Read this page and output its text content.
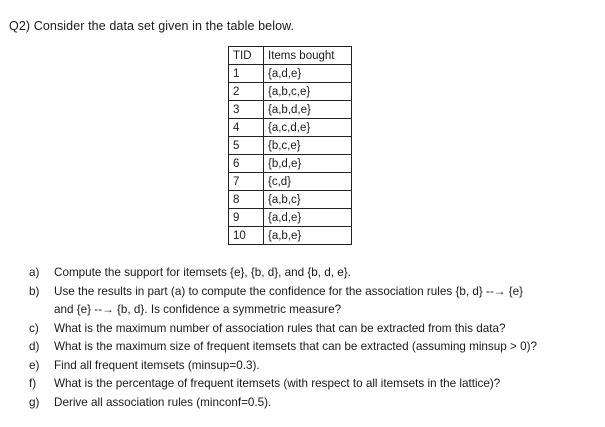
Q2) Consider the data set given in the table below.
TID	Items bought
1	{a,d,e}
2	{a,b,c,e}
3	{a,b,d,e}
4	{a,c,d,e}
5	{b,c,e}
6	{b,d,e}
7	{c,d}
8	{a,b,c}
9	{a,d,e}
10	{a,b,e}
a) Compute the support for itemsets {e}, {b, d}, and {b, d, e}.
b) Use the results in part (a) to compute the confidence for the association rules {b, d} --→ {e}
and {e} --→ {b, d}. Is confidence a symmetric measure?
c) What is the maximum number of association rules that can be extracted from this data?
d) What is the maximum size of frequent itemsets that can be extracted (assuming minsup > 0)?
e) Find all frequent itemsets (minsup=0.3).
f) What is the percentage of frequent itemsets (with respect to all itemsets in the lattice)?
g) Derive all association rules (minconf=0.5).
